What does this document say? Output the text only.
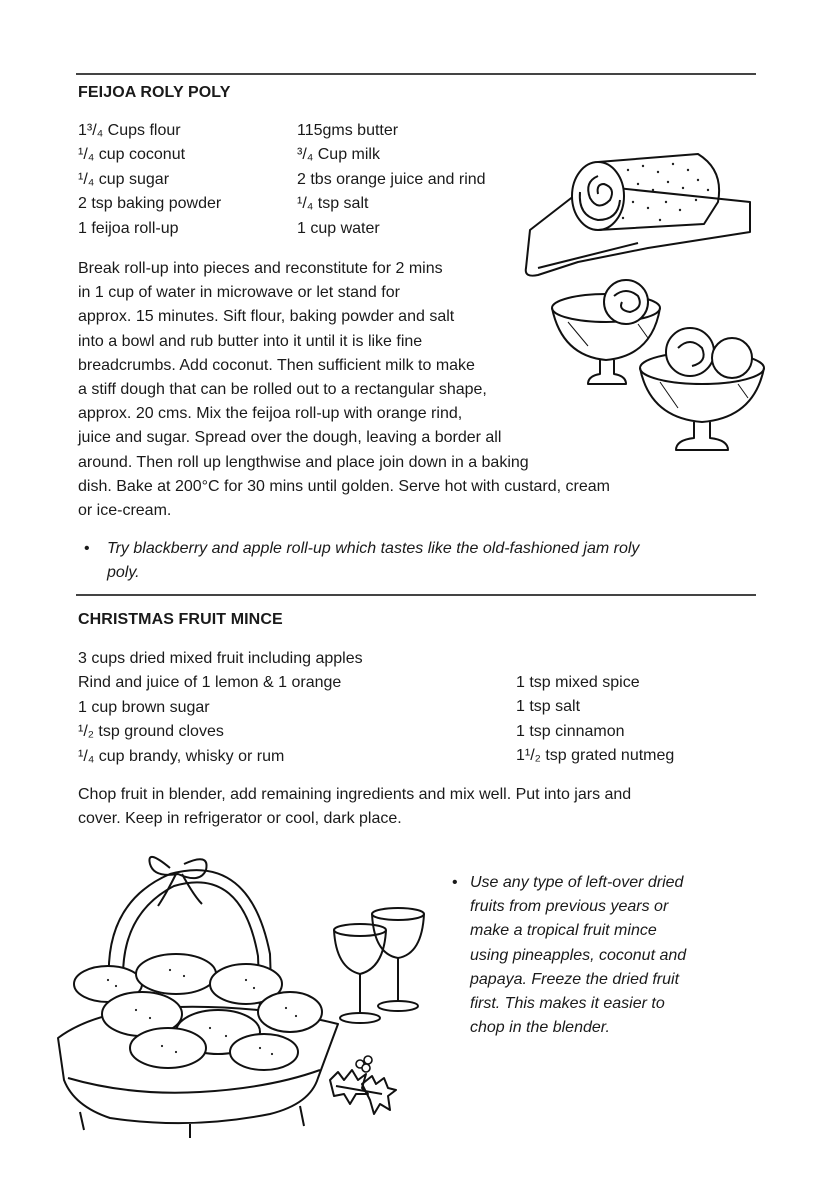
FEIJOA ROLY POLY
1³/₄ Cups flour
¹/₄ cup coconut
¹/₄ cup sugar
2 tsp baking powder
1 feijoa roll-up
115gms butter
³/₄ Cup milk
2 tbs orange juice and rind
¹/₄ tsp salt
1 cup water
Break roll-up into pieces and reconstitute for 2 mins
in 1 cup of water in microwave or let stand for
approx. 15 minutes. Sift flour, baking powder and salt
into a bowl and rub butter into it until it is like fine
breadcrumbs. Add coconut. Then sufficient milk to make
a stiff dough that can be rolled out to a rectangular shape,
approx. 20 cms. Mix the feijoa roll-up with orange rind,
juice and sugar. Spread over the dough, leaving a border all
around. Then roll up lengthwise and place join down in a baking
dish. Bake at 200°C for 30 mins until golden. Serve hot with custard, cream
or ice-cream.
• Try blackberry and apple roll-up which tastes like the old-fashioned jam roly
poly.
CHRISTMAS FRUIT MINCE
3 cups dried mixed fruit including apples
Rind and juice of 1 lemon & 1 orange
1 cup brown sugar
¹/₂ tsp ground cloves
¹/₄ cup brandy, whisky or rum
1 tsp mixed spice
1 tsp salt
1 tsp cinnamon
1¹/₂ tsp grated nutmeg
Chop fruit in blender, add remaining ingredients and mix well. Put into jars and
cover. Keep in refrigerator or cool, dark place.
• Use any type of left-over dried
fruits from previous years or
make a tropical fruit mince
using pineapples, coconut and
papaya. Freeze the dried fruit
first. This makes it easier to
chop in the blender.
